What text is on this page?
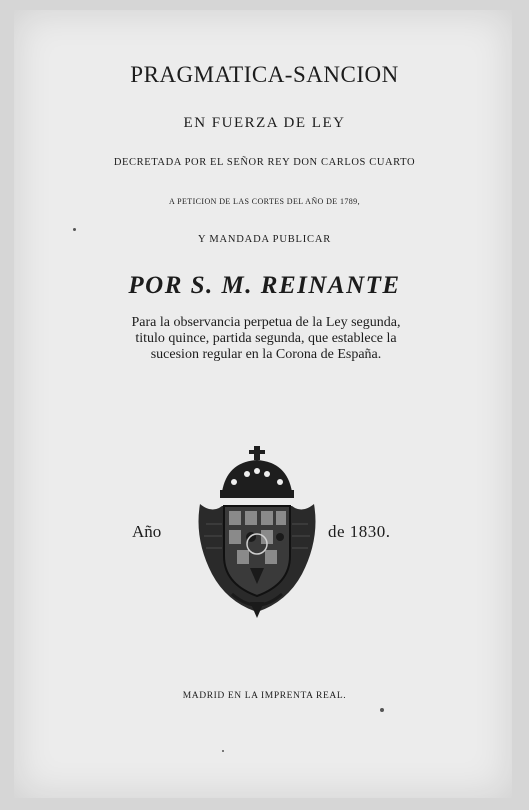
PRAGMATICA-SANCION
EN FUERZA DE LEY
DECRETADA POR EL SEÑOR REY DON CARLOS CUARTO
A PETICION DE LAS CORTES DEL AÑO DE 1789,
Y MANDADA PUBLICAR
POR S. M. REINANTE
Para la observancia perpetua de la Ley segunda, titulo quince, partida segunda, que establece la sucesion regular en la Corona de España.
Año	de 1830.
MADRID EN LA IMPRENTA REAL.
